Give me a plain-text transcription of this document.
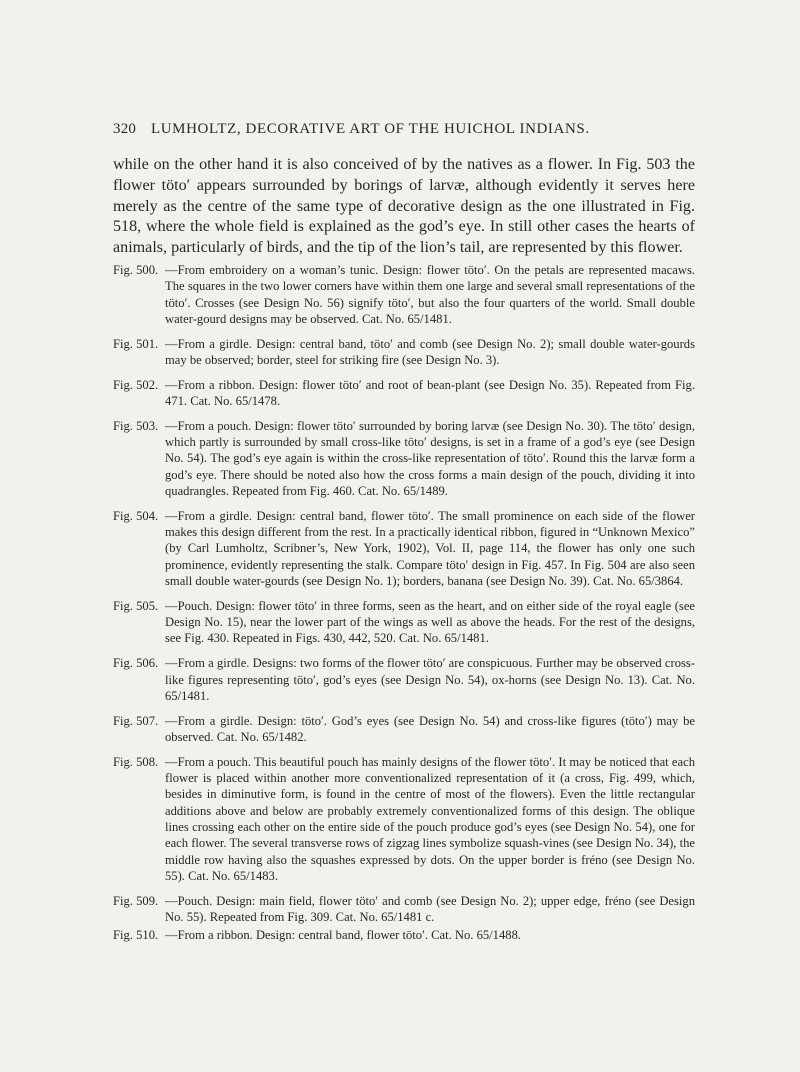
320 LUMHOLTZ, DECORATIVE ART OF THE HUICHOL INDIANS.
while on the other hand it is also conceived of by the natives as a flower. In Fig. 503 the flower töto′ appears surrounded by borings of larvæ, although evidently it serves here merely as the centre of the same type of decorative design as the one illustrated in Fig. 518, where the whole field is explained as the god’s eye. In still other cases the hearts of animals, particularly of birds, and the tip of the lion’s tail, are represented by this flower.
Fig. 500. —From embroidery on a woman’s tunic. Design: flower töto′. On the petals are represented macaws. The squares in the two lower corners have within them one large and several small representations of the töto′. Crosses (see Design No. 56) signify töto′, but also the four quarters of the world. Small double water-gourd designs may be observed. Cat. No. 65/1481.
Fig. 501. —From a girdle. Design: central band, töto′ and comb (see Design No. 2); small double water-gourds may be observed; border, steel for striking fire (see Design No. 3).
Fig. 502. —From a ribbon. Design: flower töto′ and root of bean-plant (see Design No. 35). Repeated from Fig. 471. Cat. No. 65/1478.
Fig. 503. —From a pouch. Design: flower töto′ surrounded by boring larvæ (see Design No. 30). The töto′ design, which partly is surrounded by small cross-like töto′ designs, is set in a frame of a god’s eye (see Design No. 54). The god’s eye again is within the cross-like representation of töto′. Round this the larvæ form a god’s eye. There should be noted also how the cross forms a main design of the pouch, dividing it into quadrangles. Repeated from Fig. 460. Cat. No. 65/1489.
Fig. 504. —From a girdle. Design: central band, flower töto′. The small prominence on each side of the flower makes this design different from the rest. In a practically identical ribbon, figured in “Unknown Mexico” (by Carl Lumholtz, Scribner’s, New York, 1902), Vol. II, page 114, the flower has only one such prominence, evidently representing the stalk. Compare töto′ design in Fig. 457. In Fig. 504 are also seen small double water-gourds (see Design No. 1); borders, banana (see Design No. 39). Cat. No. 65/3864.
Fig. 505. —Pouch. Design: flower töto′ in three forms, seen as the heart, and on either side of the royal eagle (see Design No. 15), near the lower part of the wings as well as above the heads. For the rest of the designs, see Fig. 430. Repeated in Figs. 430, 442, 520. Cat. No. 65/1481.
Fig. 506. —From a girdle. Designs: two forms of the flower töto′ are conspicuous. Further may be observed cross-like figures representing töto′, god’s eyes (see Design No. 54), ox-horns (see Design No. 13). Cat. No. 65/1481.
Fig. 507. —From a girdle. Design: töto′. God’s eyes (see Design No. 54) and cross-like figures (töto′) may be observed. Cat. No. 65/1482.
Fig. 508. —From a pouch. This beautiful pouch has mainly designs of the flower töto′. It may be noticed that each flower is placed within another more conventionalized representation of it (a cross, Fig. 499, which, besides in diminutive form, is found in the centre of most of the flowers). Even the little rectangular additions above and below are probably extremely conventionalized forms of this design. The oblique lines crossing each other on the entire side of the pouch produce god’s eyes (see Design No. 54), one for each flower. The several transverse rows of zigzag lines symbolize squash-vines (see Design No. 34), the middle row having also the squashes expressed by dots. On the upper border is fréno (see Design No. 55). Cat. No. 65/1483.
Fig. 509. —Pouch. Design: main field, flower töto′ and comb (see Design No. 2); upper edge, fréno (see Design No. 55). Repeated from Fig. 309. Cat. No. 65/1481 c.
Fig. 510. —From a ribbon. Design: central band, flower töto′. Cat. No. 65/1488.
